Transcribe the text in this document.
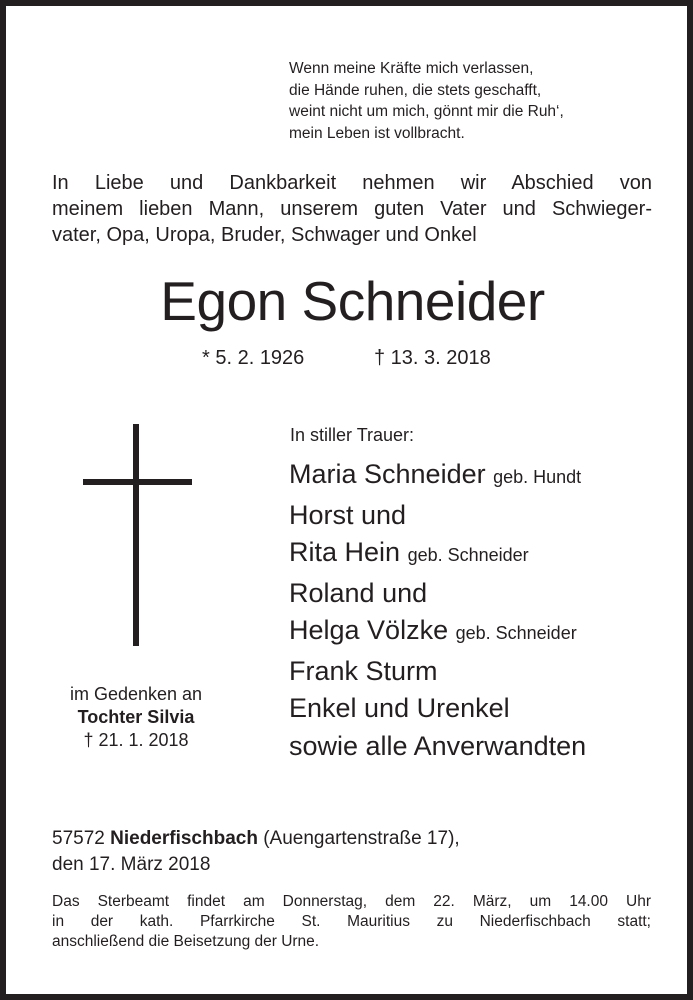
Wenn meine Kräfte mich verlassen,
die Hände ruhen, die stets geschafft,
weint nicht um mich, gönnt mir die Ruh‘,
mein Leben ist vollbracht.
In Liebe und Dankbarkeit nehmen wir Abschied von
meinem lieben Mann, unserem guten Vater und Schwieger-
vater, Opa, Uropa, Bruder, Schwager und Onkel
Egon Schneider
* 5. 2. 1926	† 13. 3. 2018
im Gedenken an
Tochter Silvia
† 21. 1. 2018
In stiller Trauer:
Maria Schneider geb. Hundt
Horst und
Rita Hein geb. Schneider
Roland und
Helga Völzke geb. Schneider
Frank Sturm
Enkel und Urenkel
sowie alle Anverwandten
57572 Niederfischbach (Auengartenstraße 17),
den 17. März 2018
Das Sterbeamt findet am Donnerstag, dem 22. März, um 14.00 Uhr
in der kath. Pfarrkirche St. Mauritius zu Niederfischbach statt;
anschließend die Beisetzung der Urne.
